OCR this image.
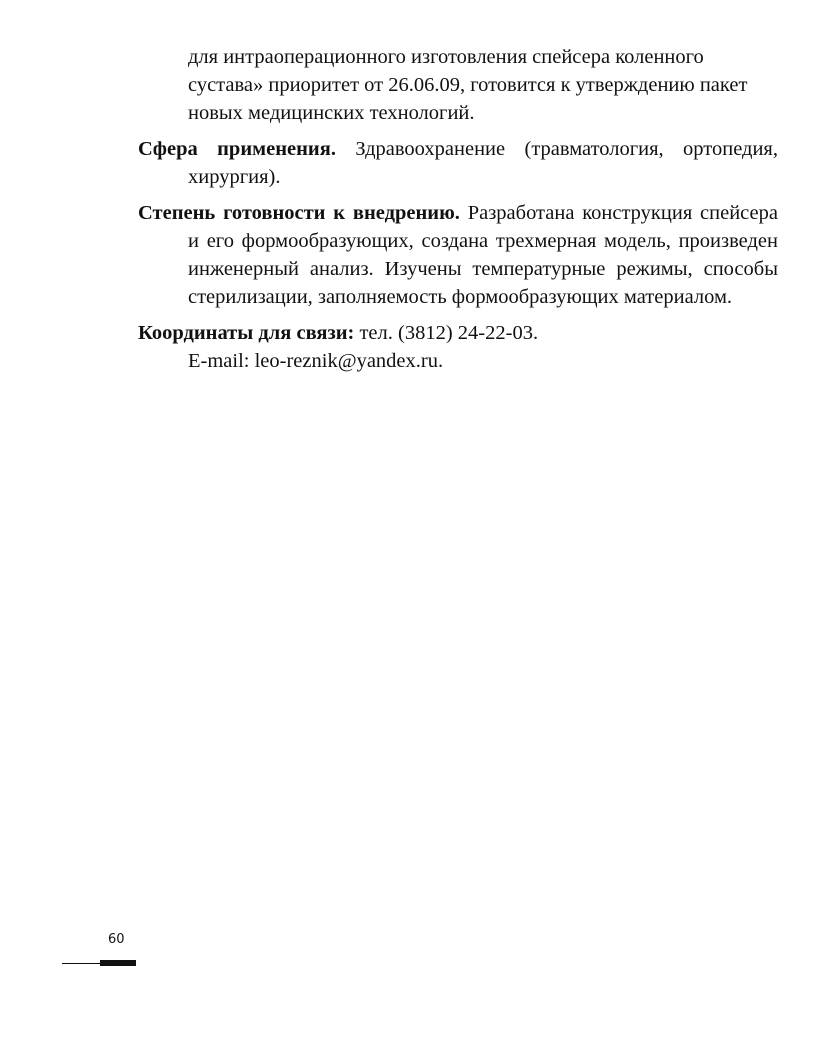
для интраоперационного изготовления спейсера коленного сустава» приоритет от 26.06.09, готовится к утверждению пакет новых медицинских технологий.

Сфера применения. Здравоохранение (травматология, ортопедия, хирургия).

Степень готовности к внедрению. Разработана конструкция спейсера и его формообразующих, создана трехмерная модель, произведен инженерный анализ. Изучены температурные режимы, способы стерилизации, заполняемость формообразующих материалом.

Координаты для связи: тел. (3812) 24-22-03.
E-mail: leo-reznik@yandex.ru.

60
